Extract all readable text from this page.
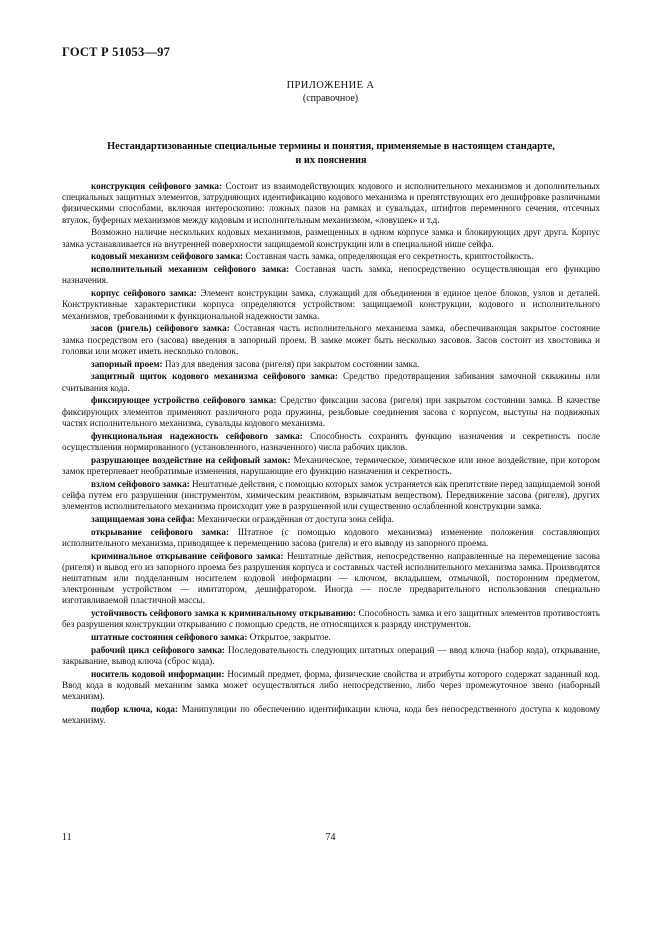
ГОСТ Р 51053—97
ПРИЛОЖЕНИЕ А
(справочное)
Нестандартизованные специальные термины и понятия, применяемые в настоящем стандарте,
и их пояснения

конструкция сейфового замка: Состоит из взаимодействующих кодового и исполнительного механизмов и дополнительных специальных защитных элементов, затрудняющих идентификацию кодового механизма и препятствующих его дешифровке различными физическими способами, включая интероскопию: ложных пазов на рамках и сувальдах, штифтов переменного сечения, отсечных втулок, буферных механизмов между кодовым и исполнительным механизмом, «ловушек» и т.д.

Возможно наличие нескольких кодовых механизмов, размещенных в одном корпусе замка и блокирующих друг друга. Корпус замка устанавливается на внутренней поверхности защищаемой конструкции или в специальной нише сейфа.

кодовый механизм сейфового замка: Составная часть замка, определяющая его секретность, криптостойкость.

исполнительный механизм сейфового замка: Составная часть замка, непосредственно осуществляющая его функцию назначения.

корпус сейфового замка: Элемент конструкции замка, служащий для объединения в единое целое блоков, узлов и деталей. Конструктивные характеристики корпуса определяются устройством: защищаемой конструкции, кодового и исполнительного механизмов, требованиями к функциональной надежности замка.

засов (ригель) сейфового замка: Составная часть исполнительного механизма замка, обеспечивающая закрытое состояние замка посредством его (засова) введения в запорный проем. В замке может быть несколько засовов. Засов состоит из хвостовика и головки или может иметь несколько головок.

запорный проем: Паз для введения засова (ригеля) при закрытом состоянии замка.

защитный щиток кодового механизма сейфового замка: Средство предотвращения забивания замочной скважины или считывания кода.

фиксирующее устройство сейфового замка: Средство фиксации засова (ригеля) при закрытом состоянии замка. В качестве фиксирующих элементов применяют различного рода пружины, резьбовые соединения засова с корпусом, выступы на подвижных частях исполнительного механизма, сувальды кодового механизма.

функциональная надежность сейфового замка: Способность сохранять функцию назначения и секретность после осуществления нормированного (установленного, назначенного) числа рабочих циклов.

разрушающее воздействие на сейфовый замок: Механическое, термическое, химическое или иное воздействие, при котором замок претерпевает необратимые изменения, нарушающие его функцию назначения и секретность.

взлом сейфового замка: Нештатные действия, с помощью которых замок устраняется как препятствие перед защищаемой зоной сейфа путем его разрушения (инструментом, химическим реактивом, взрывчатым веществом). Передвижение засова (ригеля), других элементов исполнительного механизма происходит уже в разрушенной или существенно ослабленной конструкции замка.

защищаемая зона сейфа: Механически ограждённая от доступа зона сейфа.

открывание сейфового замка: Штатное (с помощью кодового механизма) изменение положения составляющих исполнительного механизма, приводящее к перемещению засова (ригеля) и его выводу из запорного проема.

криминальное открывание сейфового замка: Нештатные действия, непосредственно направленные на перемещение засова (ригеля) и вывод его из запорного проема без разрушения корпуса и составных частей исполнительного механизма замка. Производятся нештатным или подделанным носителем кодовой информации — ключом, вкладышем, отмычкой, посторонним предметом, электронным устройством — имитатором, дешифратором. Иногда — после предварительного использования специально изготавливаемой пластичной массы.

устойчивость сейфового замка к криминальному открыванию: Способность замка и его защитных элементов противостоять без разрушения конструкции открыванию с помощью средств, не относящихся к разряду инструментов.

штатные состояния сейфового замка: Открытое, закрытое.

рабочий цикл сейфового замка: Последовательность следующих штатных операций — ввод ключа (набор кода), открывание, закрывание, вывод ключа (сброс кода).

носитель кодовой информации: Носимый предмет, форма, физические свойства и атрибуты которого содержат заданный код. Ввод кода в кодовый механизм замка может осуществляться либо непосредственно, либо через промежуточное звено (наборный механизм).

подбор ключа, кода: Манипуляции по обеспечению идентификации ключа, кода без непосредственного доступа к кодовому механизму.

11	74
